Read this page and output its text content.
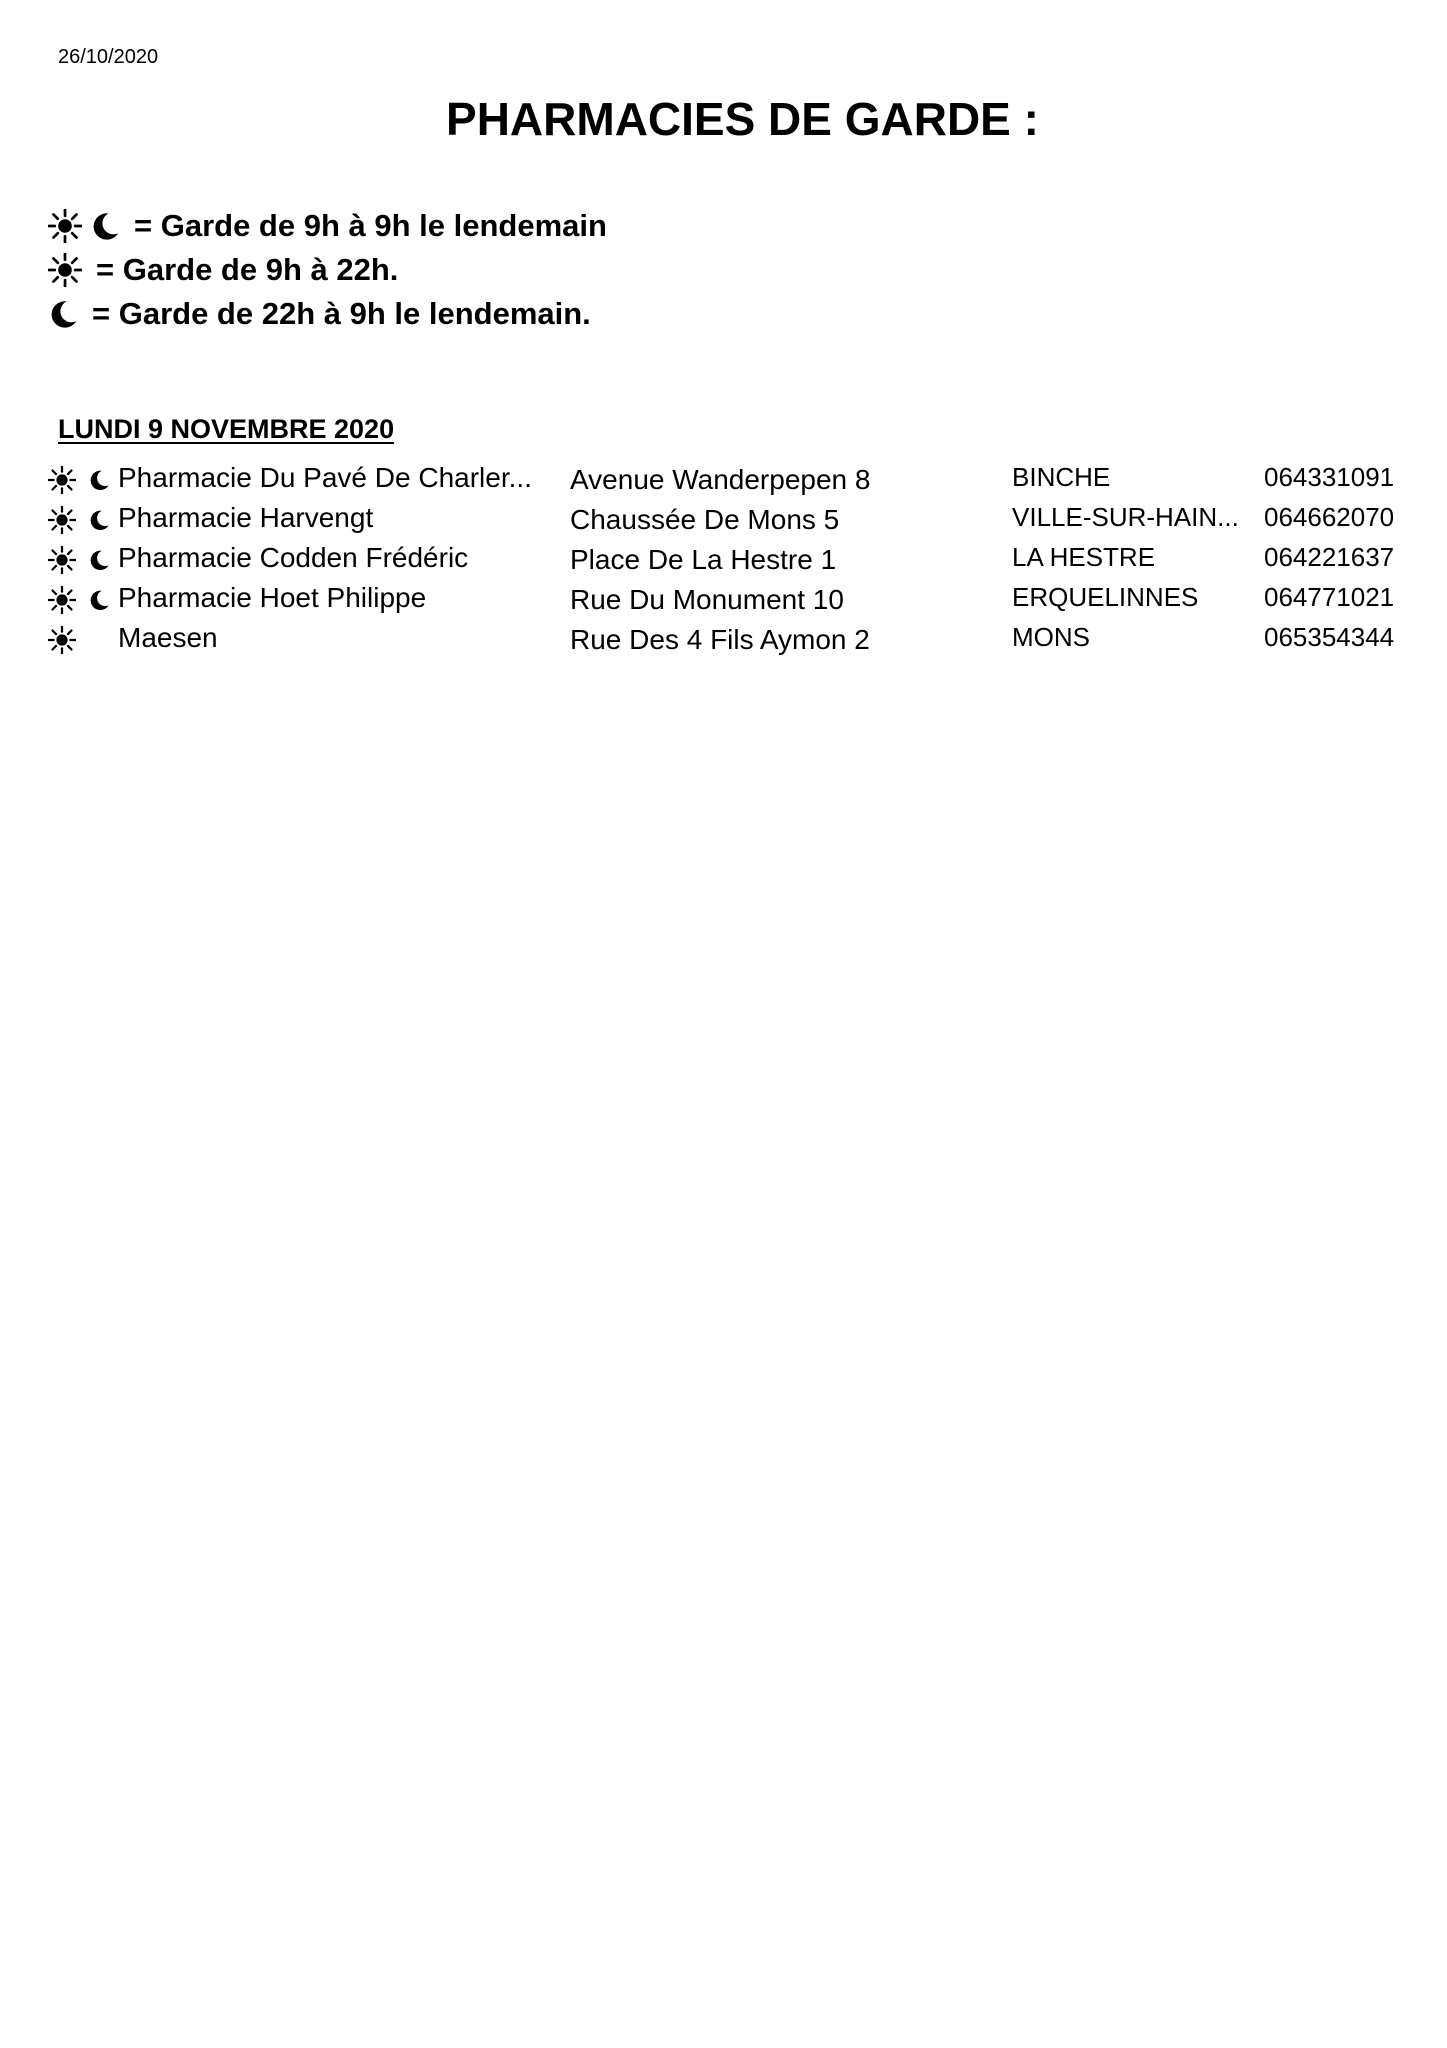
26/10/2020
PHARMACIES DE GARDE :
= Garde de 9h à 9h le lendemain
= Garde de 9h à 22h.
= Garde de 22h à 9h le lendemain.
LUNDI 9 NOVEMBRE 2020
Pharmacie Du Pavé De Charler... Avenue Wanderpepen 8	BINCHE	064331091
Pharmacie Harvengt	Chaussée De Mons 5	VILLE-SUR-HAIN... 064662070
Pharmacie Codden Frédéric	Place De La Hestre 1	LA HESTRE	064221637
Pharmacie Hoet Philippe	Rue Du Monument 10	ERQUELINNES	064771021
Maesen	Rue Des 4 Fils Aymon 2	MONS	065354344
